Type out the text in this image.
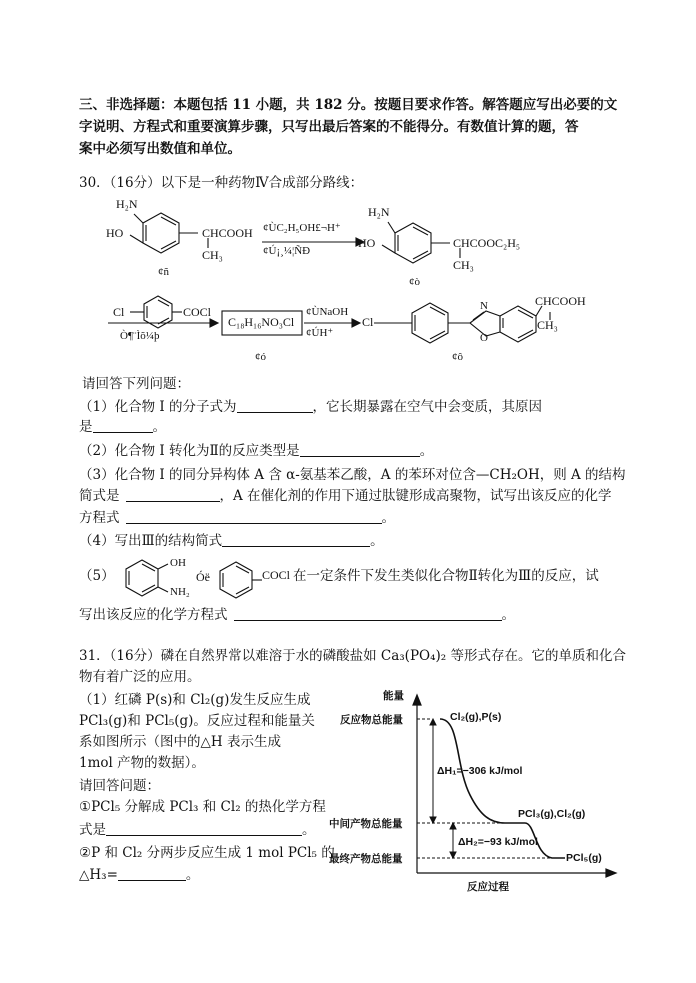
三、非选择题：本题包括 11 小题，共 182 分。按题目要求作答。解答题应写出必要的文
字说明、方程式和重要演算步骤，只写出最后答案的不能得分。有数值计算的题，答
案中必须写出数值和单位。
30．（16分）以下是一种药物Ⅳ合成部分路线：
H₂N
HO	CHCOOH
CH₃
¢ñ
¢ÙC₂H₅OH£¬H⁺
¢Ú¡¸¼¦ÑÐ
H₂N
HO	CHCOOC₂H₅
CH₃
¢ò
Cl	COCl
Ò¶¨Ìõ¼þ
C₁₈H₁₆NO₃Cl
¢ó
¢ÙNaOH
¢ÚH⁺
Cl
N
O
CHCOOH
CH₃
¢ô
请回答下列问题：
（1）化合物 I 的分子式为	，它长期暴露在空气中会变质，其原因
是	。
（2）化合物 I 转化为Ⅱ的反应类型是	。
（3）化合物 I 的同分异构体 A 含 α-氨基苯乙酸，A 的苯环对位含—CH₂OH，则 A 的结构
简式是	，A 在催化剂的作用下通过肽键形成高聚物，试写出该反应的化学
方程式	。
（4）写出Ⅲ的结构简式	。
（5）
OH
NH₂
Óë	COCl 在一定条件下发生类似化合物Ⅱ转化为Ⅲ的反应，试
写出该反应的化学方程式	。
31．（16分）磷在自然界常以难溶于水的磷酸盐如 Ca₃(PO₄)₂ 等形式存在。它的单质和化合
物有着广泛的应用。
（1）红磷 P(s)和 Cl₂(g)发生反应生成
PCl₃(g)和 PCl₅(g)。反应过程和能量关
系如图所示（图中的△H 表示生成
1mol 产物的数据）。
请回答问题：
①PCl₅ 分解成 PCl₃ 和 Cl₂ 的热化学方程
式是	。
②P 和 Cl₂ 分两步反应生成 1 mol PCl₅ 的
△H₃=	。
能量
反应过程
反应物总能量
中间产物总能量
最终产物总能量
Cl₂(g),P(s)
PCl₃(g),Cl₂(g)
PCl₅(g)
ΔH₁=−306 kJ/mol
ΔH₂=−93 kJ/mol
